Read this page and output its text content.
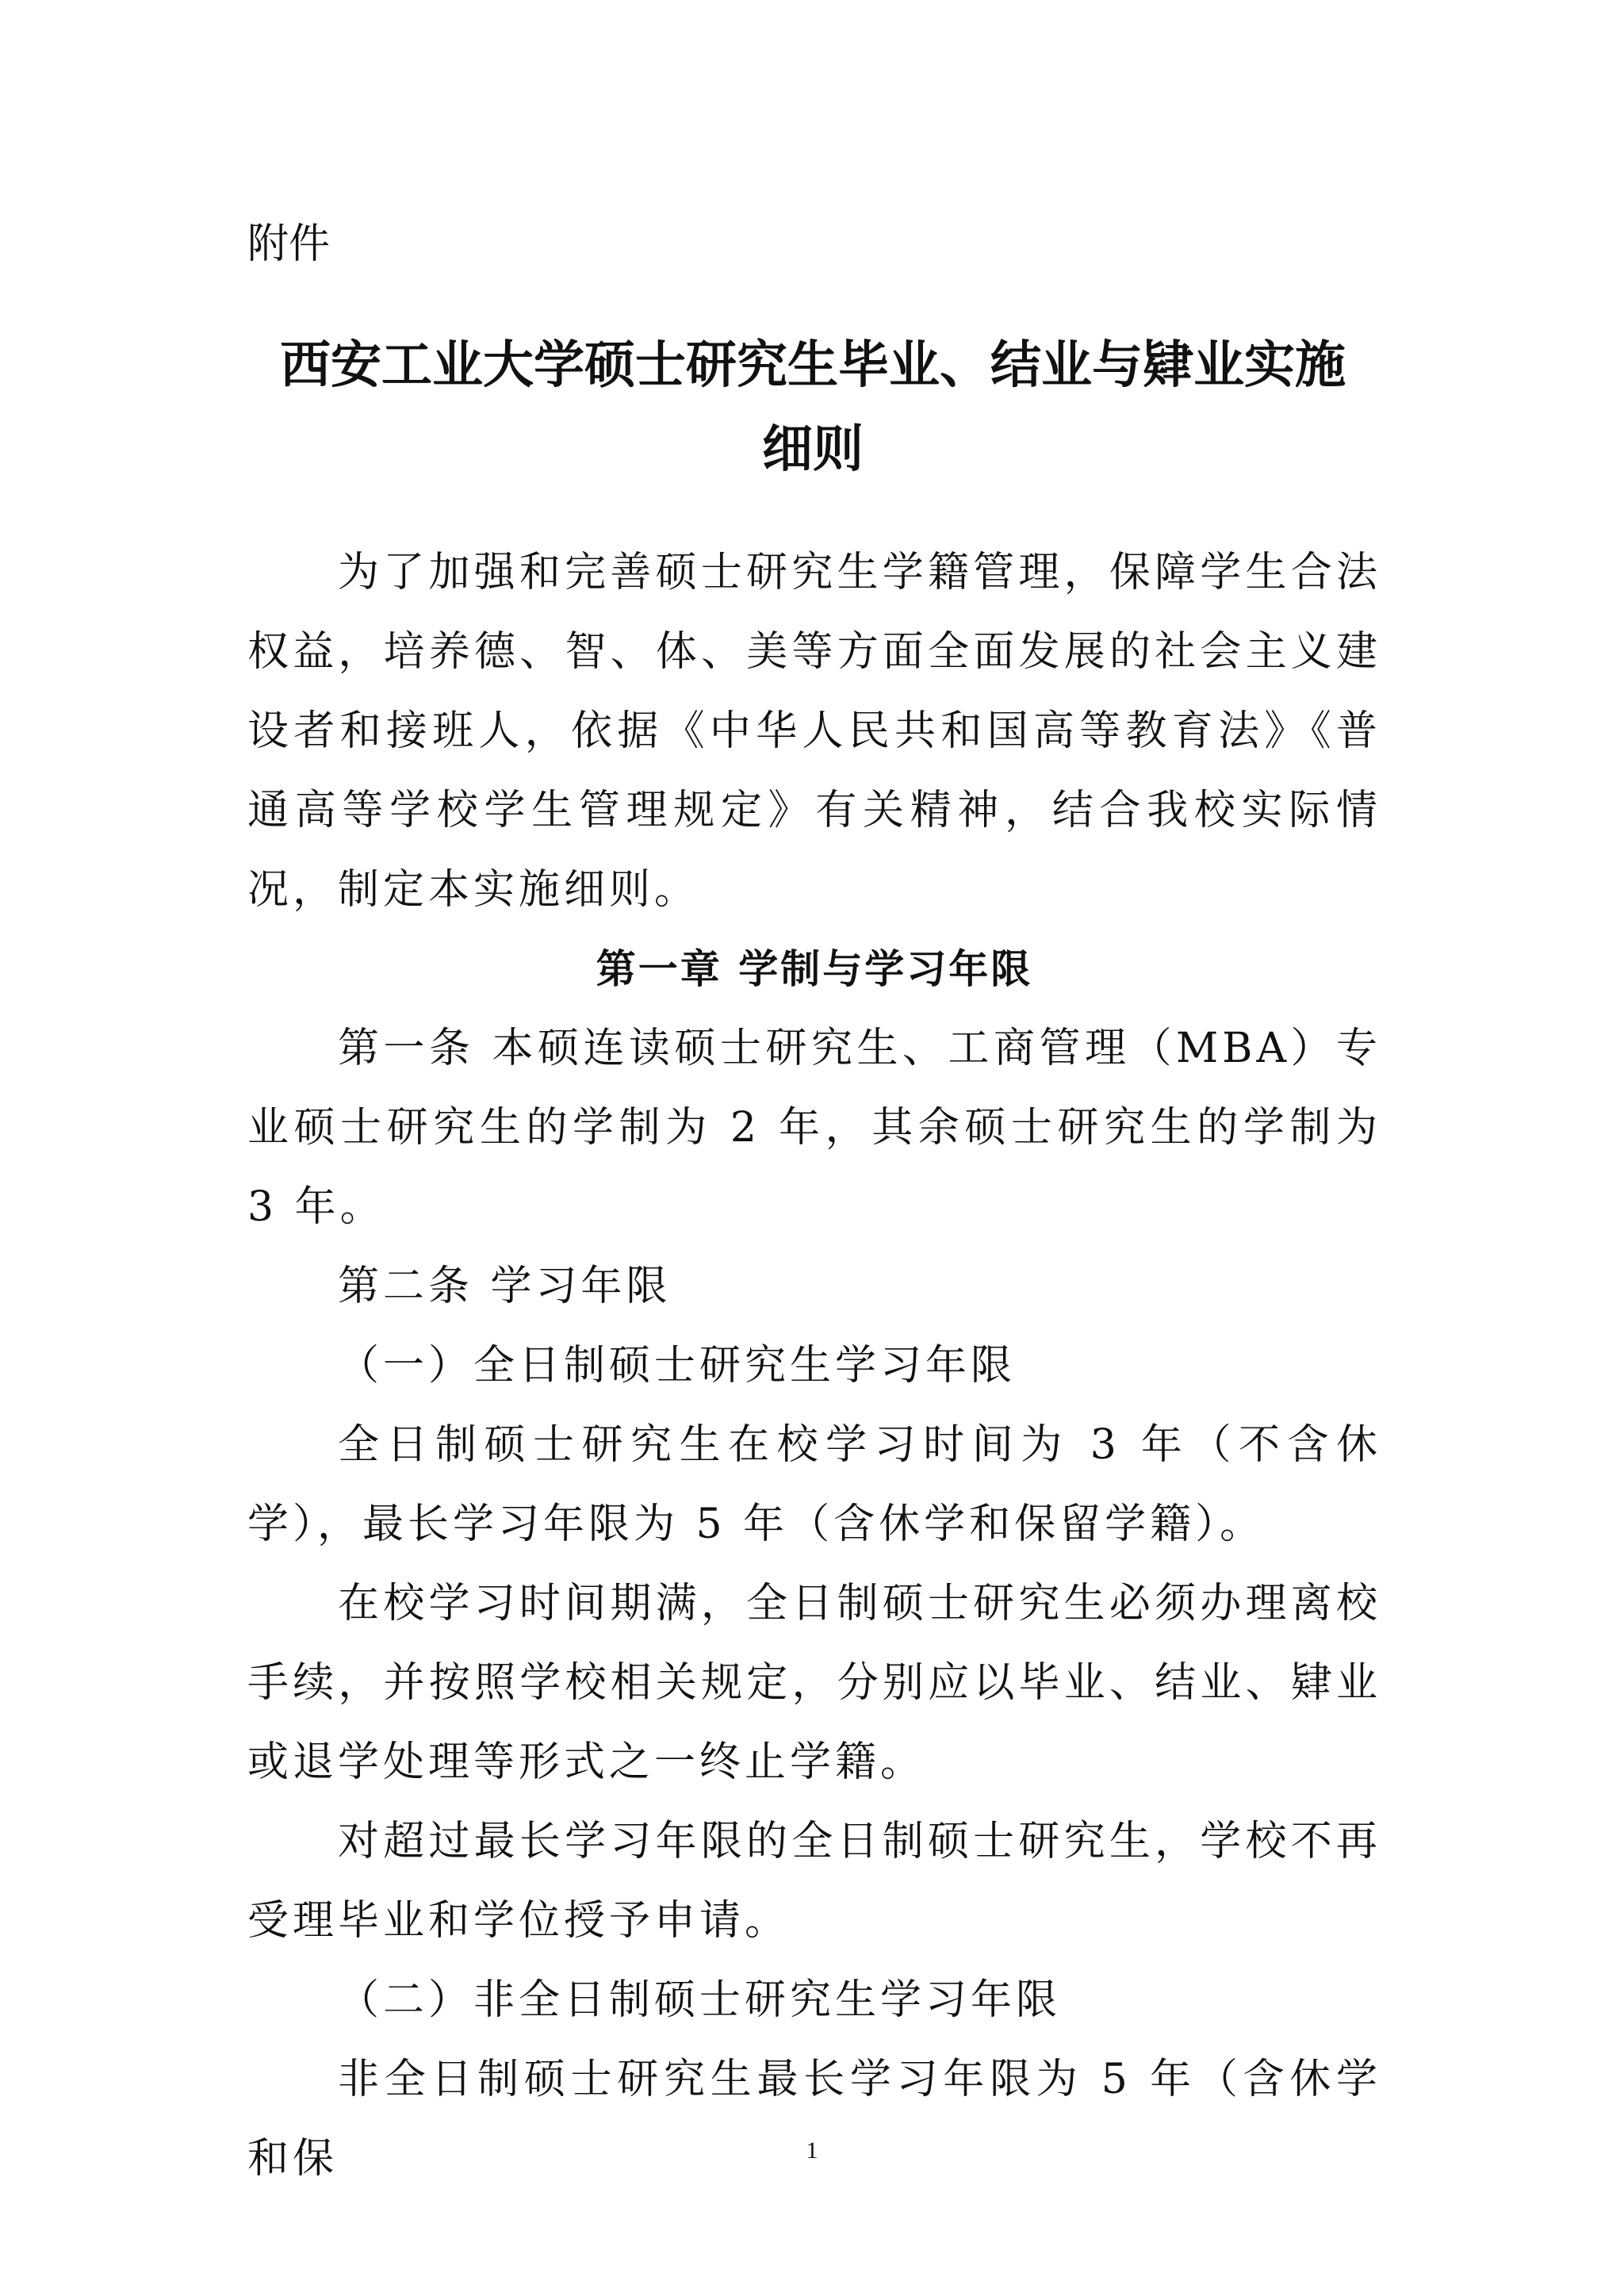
附件
西安工业大学硕士研究生毕业、结业与肄业实施
细则

为了加强和完善硕士研究生学籍管理，保障学生合法权益，培养德、智、体、美等方面全面发展的社会主义建设者和接班人，依据《中华人民共和国高等教育法》《普通高等学校学生管理规定》有关精神，结合我校实际情况，制定本实施细则。

第一章 学制与学习年限

第一条 本硕连读硕士研究生、工商管理（MBA）专业硕士研究生的学制为 2 年，其余硕士研究生的学制为 3 年。

第二条 学习年限

（一）全日制硕士研究生学习年限

全日制硕士研究生在校学习时间为 3 年（不含休学），最长学习年限为 5 年（含休学和保留学籍）。

在校学习时间期满，全日制硕士研究生必须办理离校手续，并按照学校相关规定，分别应以毕业、结业、肄业或退学处理等形式之一终止学籍。

对超过最长学习年限的全日制硕士研究生，学校不再受理毕业和学位授予申请。

（二）非全日制硕士研究生学习年限

非全日制硕士研究生最长学习年限为 5 年（含休学和保	1
